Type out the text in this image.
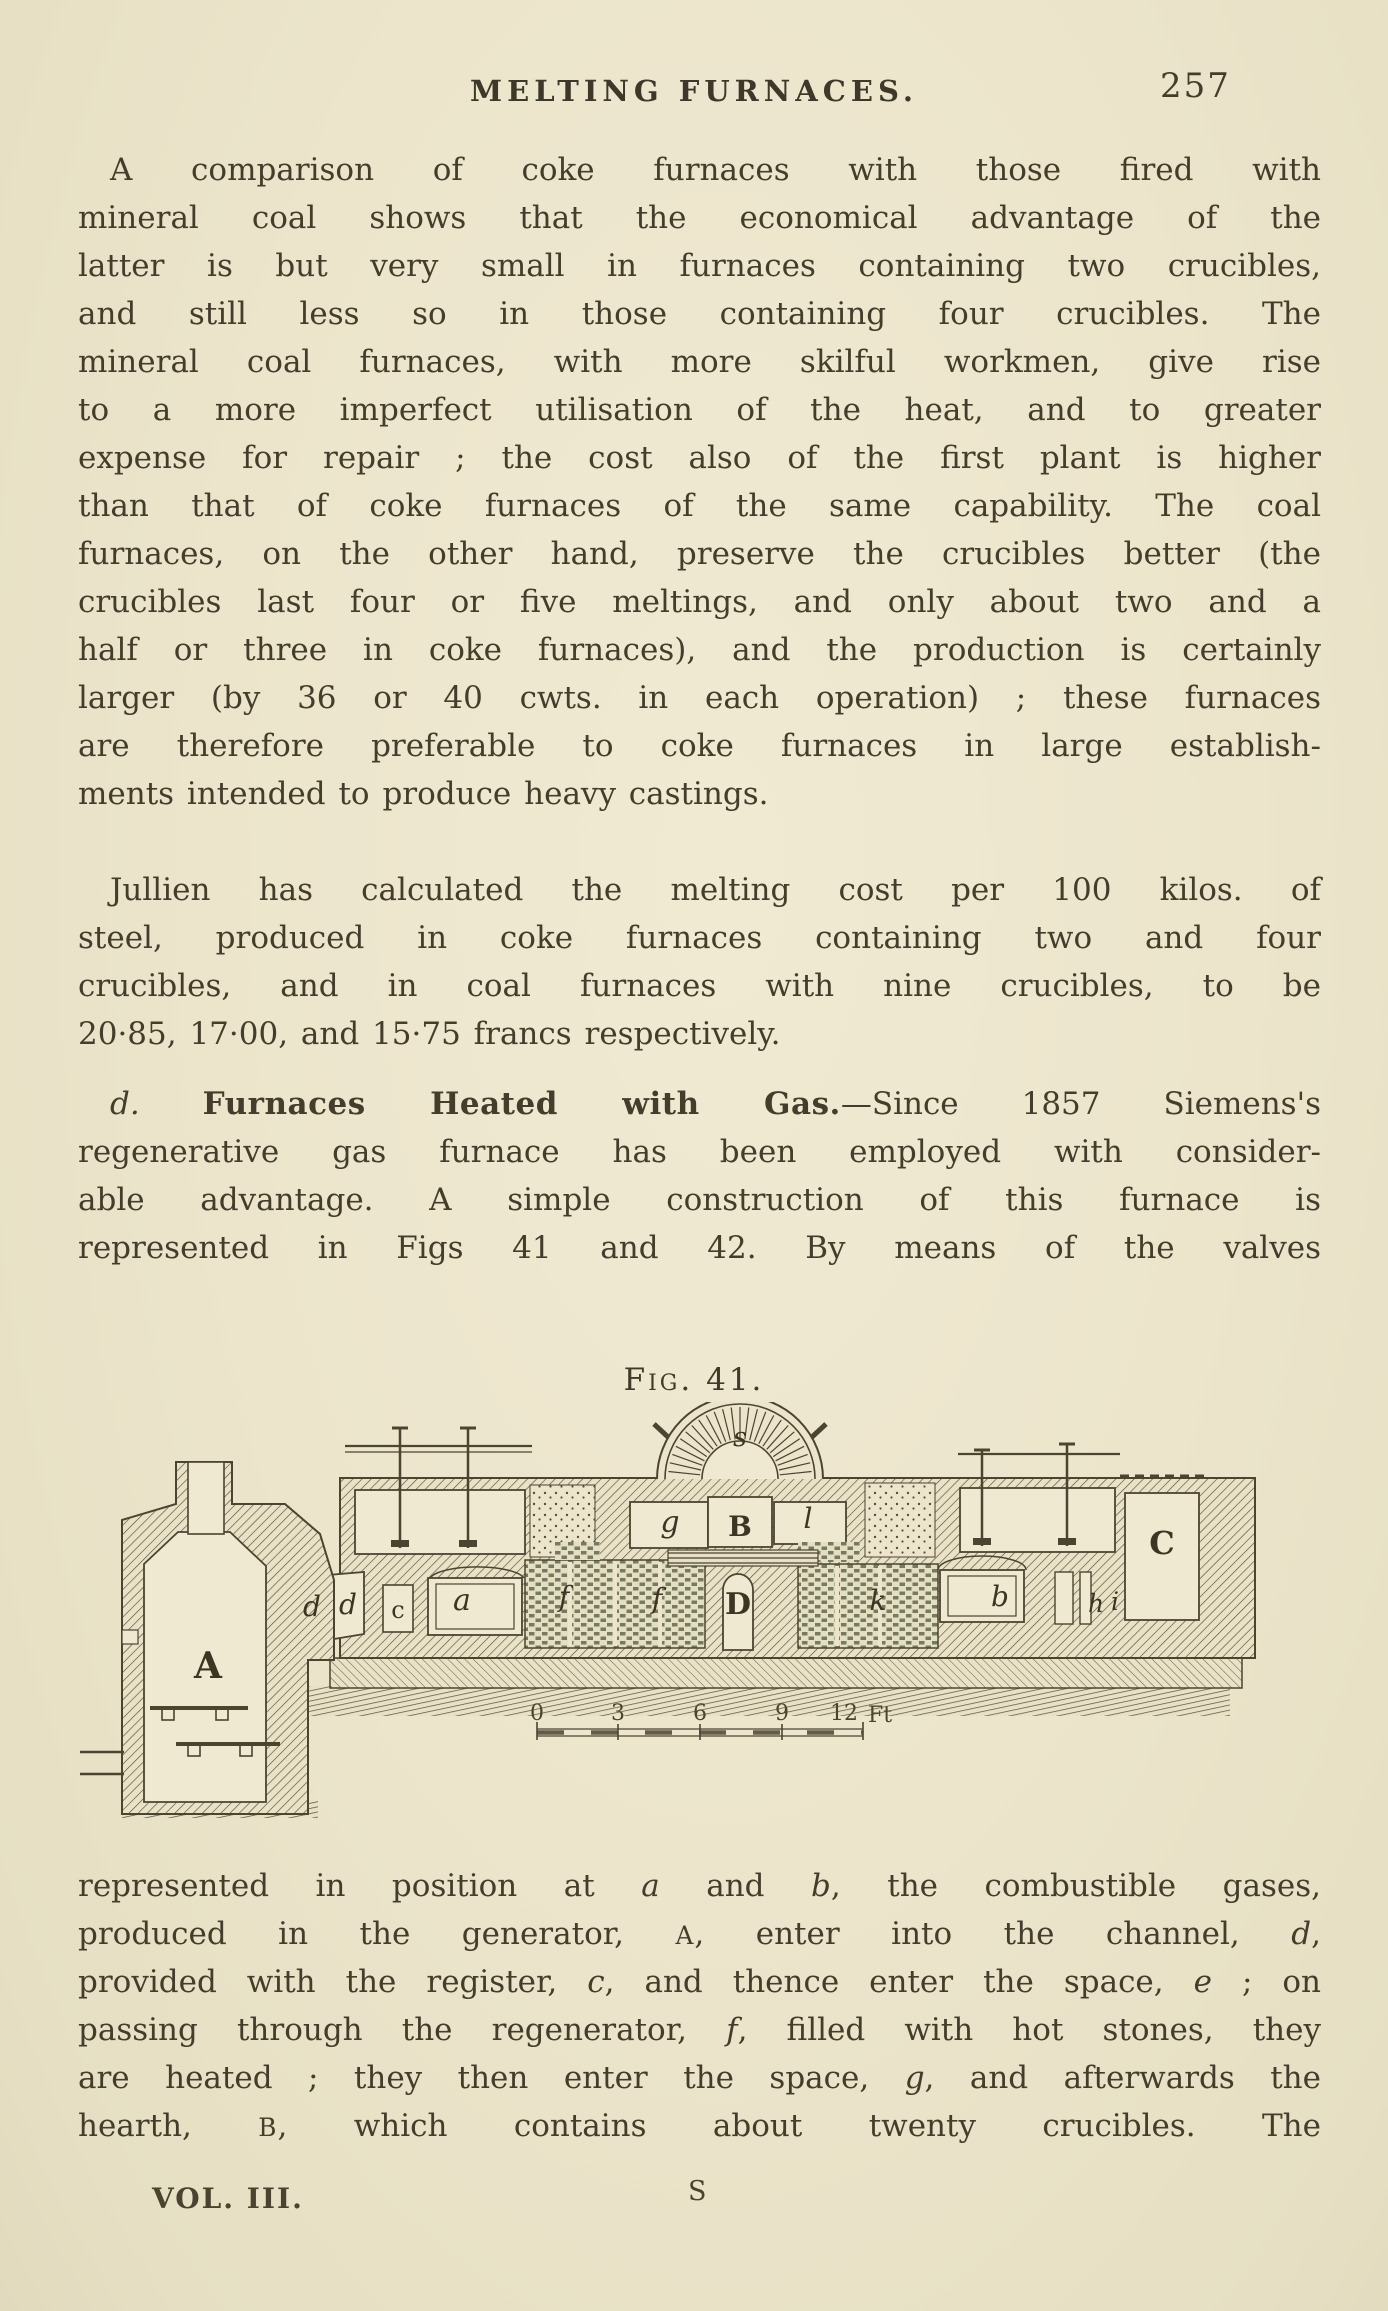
MELTING FURNACES.	257
A comparison of coke furnaces with those fired with
mineral coal shows that the economical advantage of the
latter is but very small in furnaces containing two crucibles,
and still less so in those containing four crucibles. The
mineral coal furnaces, with more skilful workmen, give rise
to a more imperfect utilisation of the heat, and to greater
expense for repair ; the cost also of the first plant is higher
than that of coke furnaces of the same capability. The coal
furnaces, on the other hand, preserve the crucibles better (the
crucibles last four or five meltings, and only about two and a
half or three in coke furnaces), and the production is certainly
larger (by 36 or 40 cwts. in each operation) ; these furnaces
are therefore preferable to coke furnaces in large establish-
ments intended to produce heavy castings.
Jullien has calculated the melting cost per 100 kilos. of
steel, produced in coke furnaces containing two and four
crucibles, and in coal furnaces with nine crucibles, to be
20·85, 17·00, and 15·75 francs respectively.
d. Furnaces Heated with Gas.—Since 1857 Siemens's
regenerative gas furnace has been employed with consider-
able advantage. A simple construction of this furnace is
represented in Figs 41 and 42. By means of the valves
represented in position at a and b, the combustible gases,
produced in the generator, A, enter into the channel, d,
provided with the register, c, and thence enter the space, e ; on
passing through the regenerator, f, filled with hot stones, they
are heated ; they then enter the space, g, and afterwards the
hearth, B, which contains about twenty crucibles. The
Fig. 41.
0	3	6	9 12 Ft
s
A
d d c a	f	f
g B l
D	k	b	h i
C
VOL. III.	S
